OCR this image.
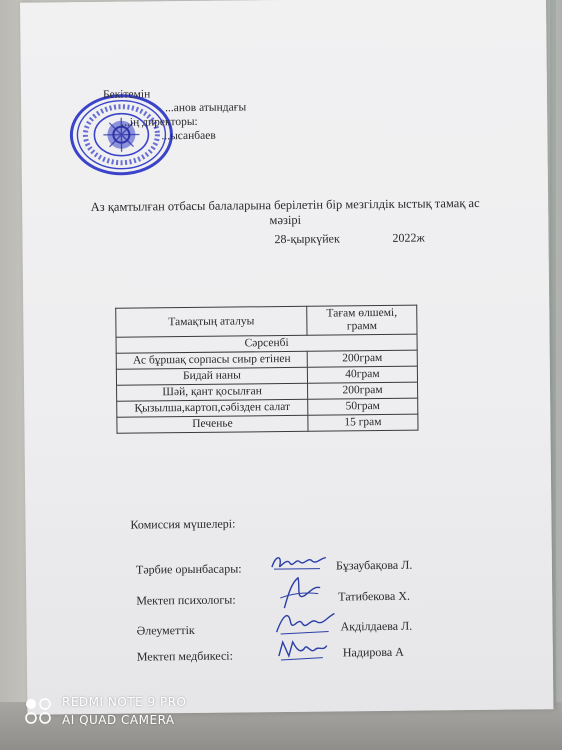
Бекітемін
...анов атындағы
...ің директоры:
...ысанбаев
Аз қамтылған отбасы балаларына берілетін бір мезгілдік ыстық тамақ ас мәзірі
28-қыркүйек	2022ж
Тамақтың аталуы	Тағам өлшемі, грамм
Сәрсенбі	
Ас бұршақ сорпасы сиыр етінен	200грам
Бидай наны	40грам
Шәй, қант қосылған	200грам
Қызылша,картоп,сәбізден салат	50грам
Печенье	15 грам
Комиссия мүшелері:
Тәрбие орынбасары:	Бұзаубақова Л.
Мектеп психологы:	Татибекова Х.
Әлеуметтік	Акділдаева Л.
Мектеп медбикесі:	Надирова А
REDMI NOTE 9 PRO
AI QUAD CAMERA
